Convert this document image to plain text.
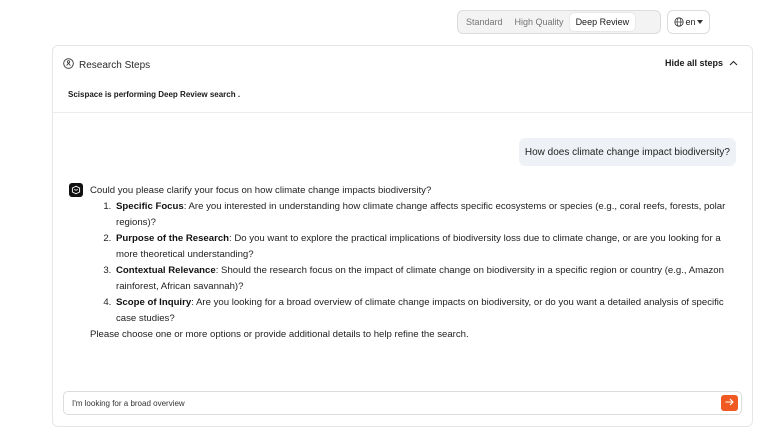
Standard	High Quality	Deep Review	en
Research Steps	Hide all steps
Scispace is performing Deep Review search .
How does climate change impact biodiversity?

Could you please clarify your focus on how climate change impacts biodiversity?

1. Specific Focus: Are you interested in understanding how climate change affects specific ecosystems or species (e.g., coral reefs, forests, polar regions)?
2. Purpose of the Research: Do you want to explore the practical implications of biodiversity loss due to climate change, or are you looking for a more theoretical understanding?
3. Contextual Relevance: Should the research focus on the impact of climate change on biodiversity in a specific region or country (e.g., Amazon rainforest, African savannah)?
4. Scope of Inquiry: Are you looking for a broad overview of climate change impacts on biodiversity, or do you want a detailed analysis of specific case studies?

Please choose one or more options or provide additional details to help refine the search.

I'm looking for a broad overview
